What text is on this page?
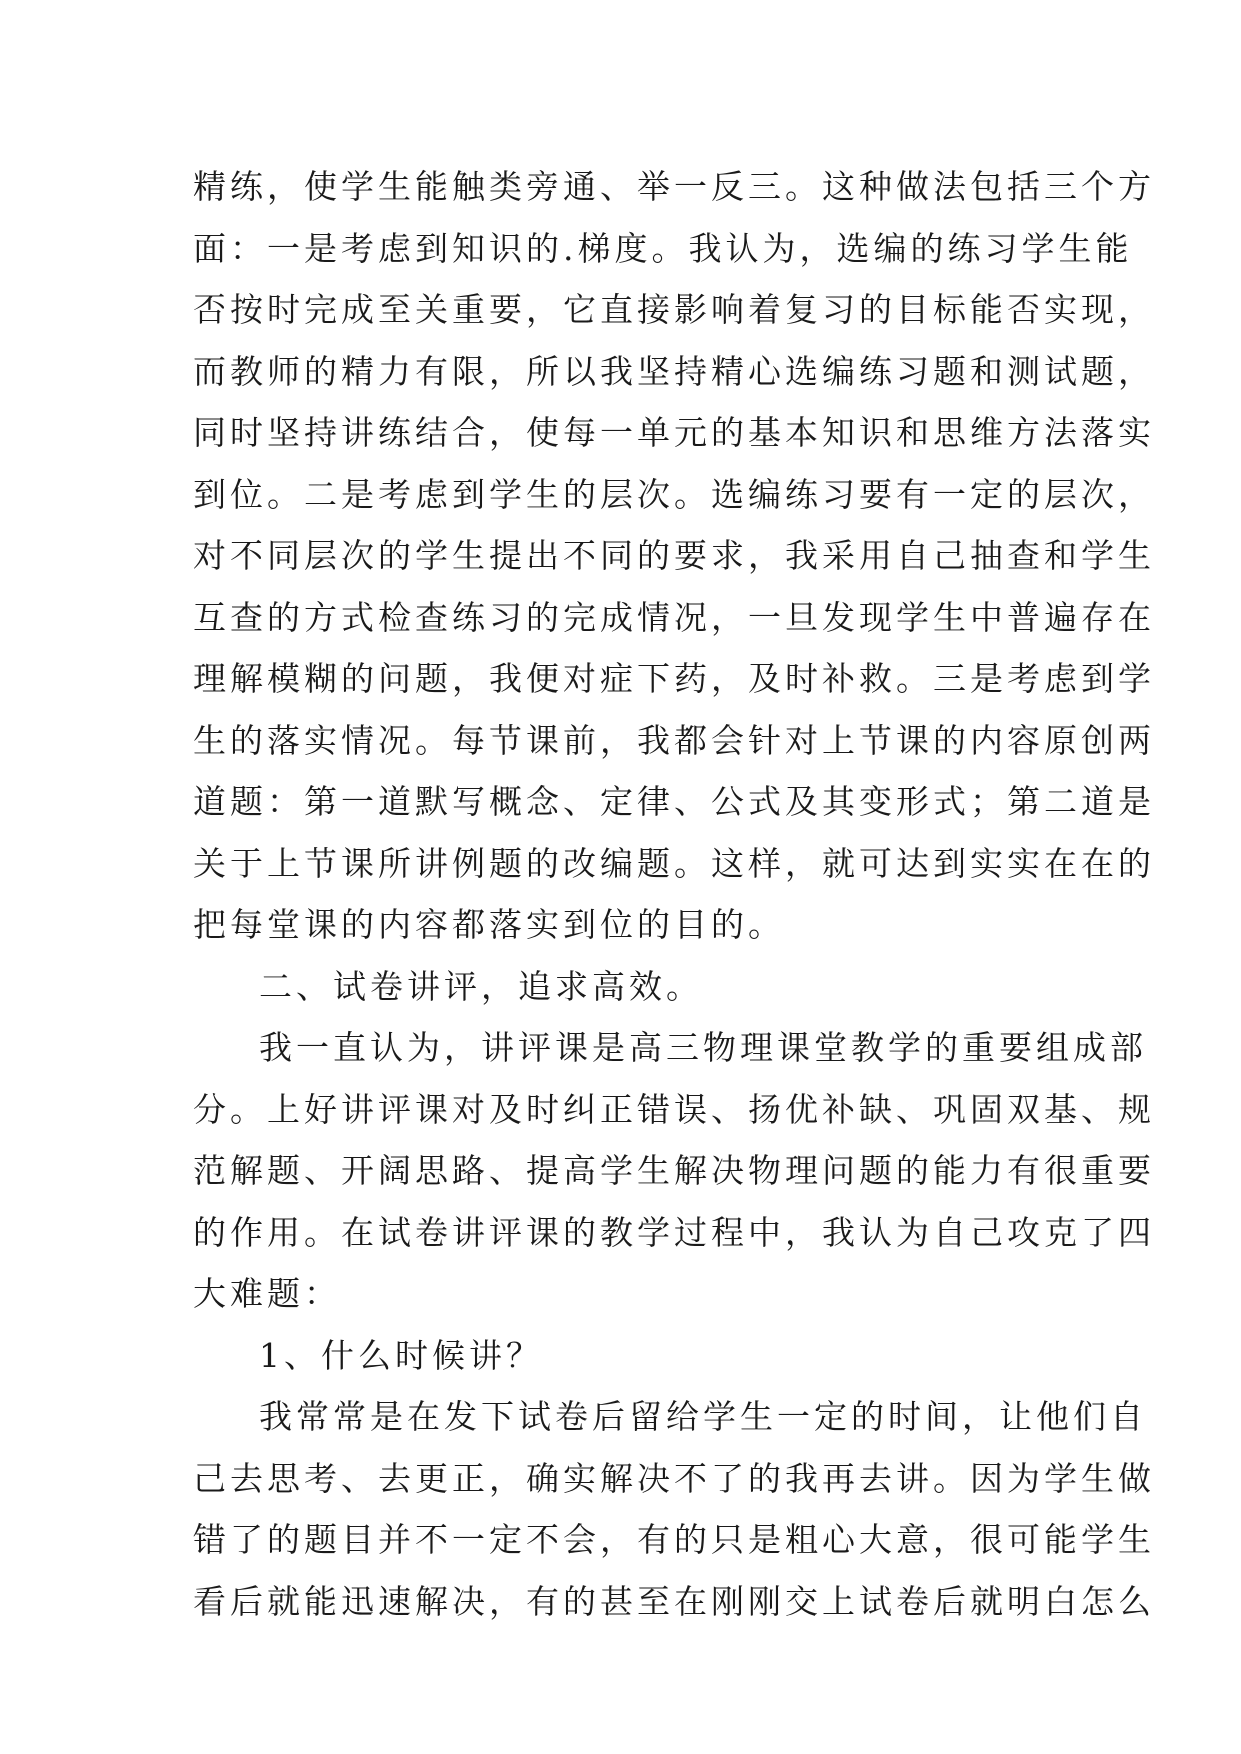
精练，使学生能触类旁通、举一反三。这种做法包括三个方
面：一是考虑到知识的.梯度。我认为，选编的练习学生能
否按时完成至关重要，它直接影响着复习的目标能否实现，
而教师的精力有限，所以我坚持精心选编练习题和测试题，
同时坚持讲练结合，使每一单元的基本知识和思维方法落实
到位。二是考虑到学生的层次。选编练习要有一定的层次，
对不同层次的学生提出不同的要求，我采用自己抽查和学生
互查的方式检查练习的完成情况，一旦发现学生中普遍存在
理解模糊的问题，我便对症下药，及时补救。三是考虑到学
生的落实情况。每节课前，我都会针对上节课的内容原创两
道题：第一道默写概念、定律、公式及其变形式；第二道是
关于上节课所讲例题的改编题。这样，就可达到实实在在的
把每堂课的内容都落实到位的目的。
二、试卷讲评，追求高效。
我一直认为，讲评课是高三物理课堂教学的重要组成部
分。上好讲评课对及时纠正错误、扬优补缺、巩固双基、规
范解题、开阔思路、提高学生解决物理问题的能力有很重要
的作用。在试卷讲评课的教学过程中，我认为自己攻克了四
大难题：
1、什么时候讲？
我常常是在发下试卷后留给学生一定的时间，让他们自
己去思考、去更正，确实解决不了的我再去讲。因为学生做
错了的题目并不一定不会，有的只是粗心大意，很可能学生
看后就能迅速解决，有的甚至在刚刚交上试卷后就明白怎么
